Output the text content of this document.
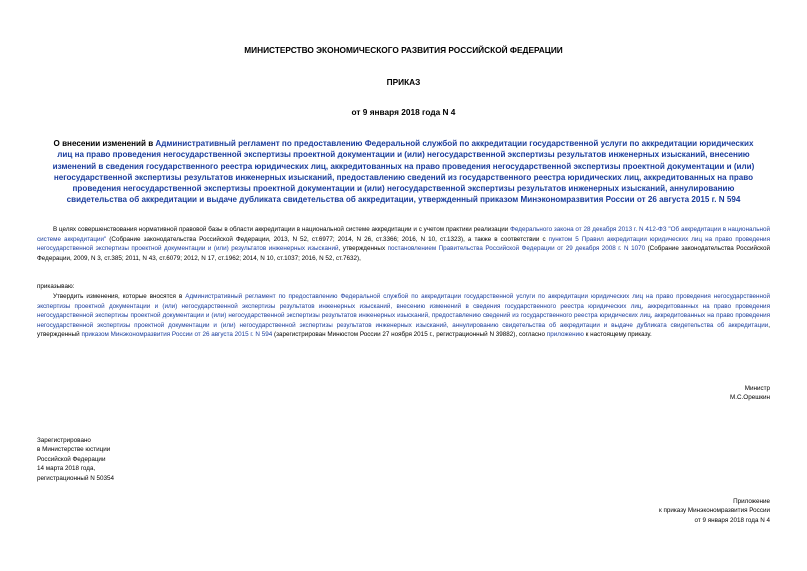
МИНИСТЕРСТВО ЭКОНОМИЧЕСКОГО РАЗВИТИЯ РОССИЙСКОЙ ФЕДЕРАЦИИ
ПРИКАЗ
от 9 января 2018 года N 4
О внесении изменений в Административный регламент по предоставлению Федеральной службой по аккредитации государственной услуги по аккредитации юридических лиц на право проведения негосударственной экспертизы проектной документации и (или) негосударственной экспертизы результатов инженерных изысканий, внесению изменений в сведения государственного реестра юридических лиц, аккредитованных на право проведения негосударственной экспертизы проектной документации и (или) негосударственной экспертизы результатов инженерных изысканий, предоставлению сведений из государственного реестра юридических лиц, аккредитованных на право проведения негосударственной экспертизы проектной документации и (или) негосударственной экспертизы результатов инженерных изысканий, аннулированию свидетельства об аккредитации и выдаче дубликата свидетельства об аккредитации, утвержденный приказом Минэкономразвития России от 26 августа 2015 г. N 594
В целях совершенствования нормативной правовой базы в области аккредитации в национальной системе аккредитации и с учетом практики реализации Федерального закона от 28 декабря 2013 г. N 412-ФЗ "Об аккредитации в национальной системе аккредитации" (Собрание законодательства Российской Федерации, 2013, N 52, ст.6977; 2014, N 26, ст.3366; 2016, N 10, ст.1323), а также в соответствии с пунктом 5 Правил аккредитации юридических лиц на право проведения негосударственной экспертизы проектной документации и (или) результатов инженерных изысканий, утвержденных постановлением Правительства Российской Федерации от 29 декабря 2008 г. N 1070 (Собрание законодательства Российской Федерации, 2009, N 3, ст.385; 2011, N 43, ст.6079; 2012, N 17, ст.1962; 2014, N 10, ст.1037; 2016, N 52, ст.7632),
приказываю:
Утвердить изменения, которые вносятся в Административный регламент по предоставлению Федеральной службой по аккредитации государственной услуги по аккредитации юридических лиц на право проведения негосударственной экспертизы проектной документации и (или) негосударственной экспертизы результатов инженерных изысканий, внесению изменений в сведения государственного реестра юридических лиц, аккредитованных на право проведения негосударственной экспертизы проектной документации и (или) негосударственной экспертизы результатов инженерных изысканий, предоставлению сведений из государственного реестра юридических лиц, аккредитованных на право проведения негосударственной экспертизы проектной документации и (или) негосударственной экспертизы результатов инженерных изысканий, аннулированию свидетельства об аккредитации и выдаче дубликата свидетельства об аккредитации, утвержденный приказом Минэкономразвития России от 26 августа 2015 г. N 594 (зарегистрирован Минюстом России 27 ноября 2015 г., регистрационный N 39882), согласно приложению к настоящему приказу.
Министр
М.С.Орешкин
Зарегистрировано
в Министерстве юстиции
Российской Федерации
14 марта 2018 года,
регистрационный N 50354
Приложение
к приказу Минэкономразвития России
от 9 января 2018 года N 4
